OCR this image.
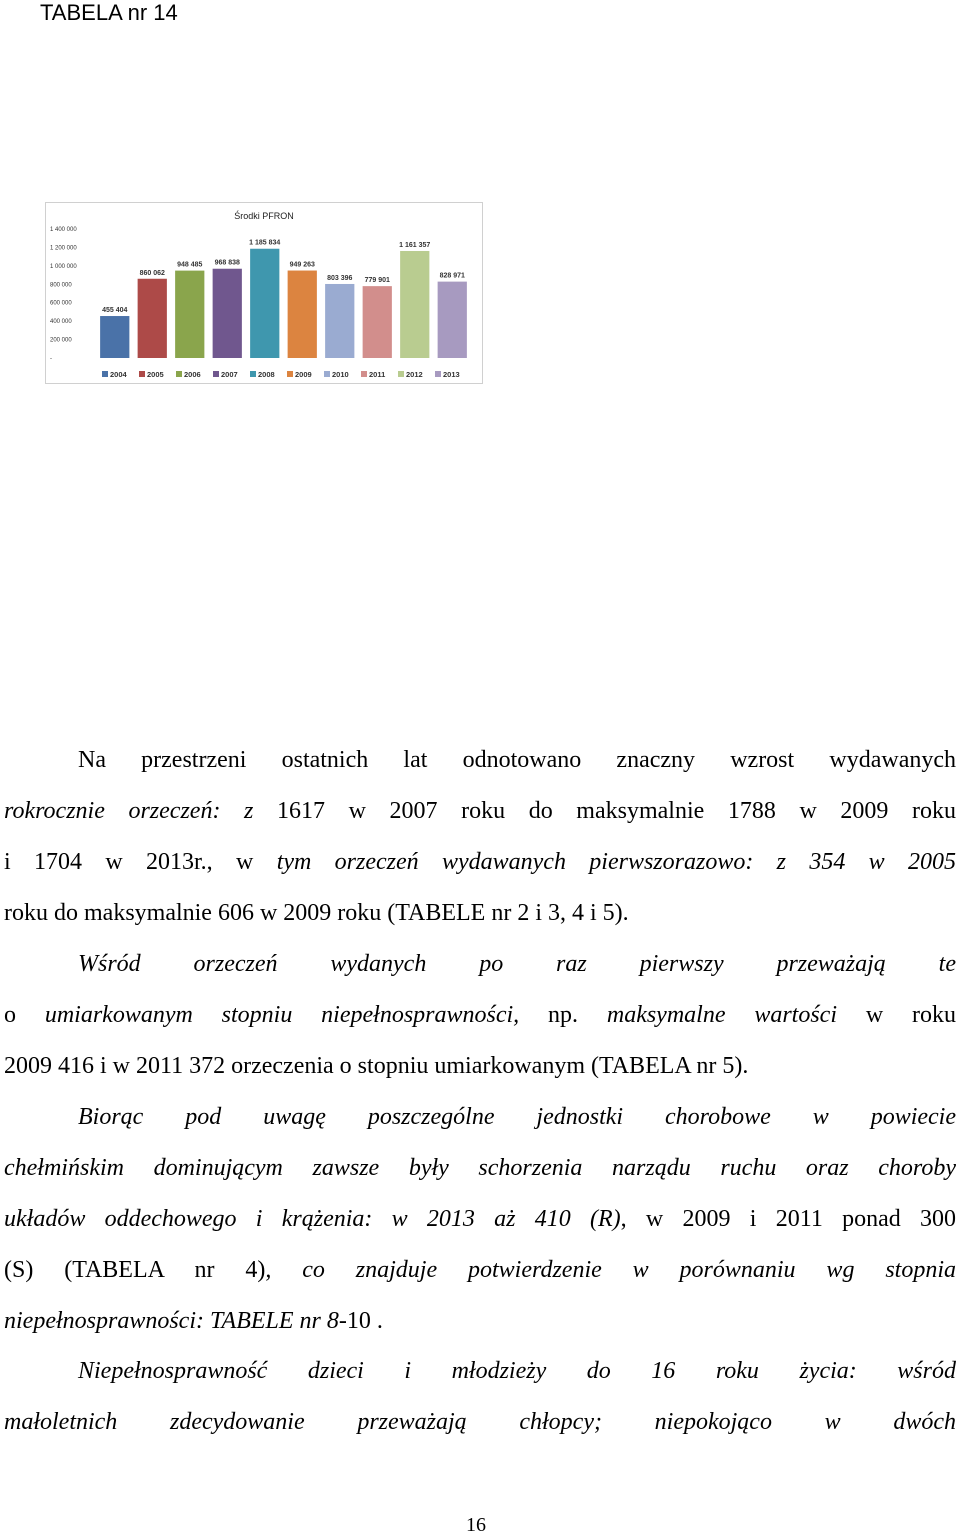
TABELA nr 14
Środki PFRON
-
200 000
400 000
600 000
800 000
1 000 000
1 200 000
1 400 000
455 404
860 062
948 485 968 838
1 185 834
949 263
803 396 779 901
1 161 357
828 971
2004	2005	2006	2007	2008	2009	2010	2011	2012	2013
Na przestrzeni ostatnich lat odnotowano znaczny wzrost wydawanych
rokrocznie orzeczeń: z 1617 w 2007 roku do maksymalnie 1788 w 2009 roku
i 1704 w 2013r., w tym orzeczeń wydawanych pierwszorazowo: z 354 w 2005
roku do maksymalnie 606 w 2009 roku (TABELE nr 2 i 3, 4 i 5).
Wśród orzeczeń wydanych po raz pierwszy przeważają te
o umiarkowanym stopniu niepełnosprawności, np. maksymalne wartości w roku
2009 416 i w 2011 372 orzeczenia o stopniu umiarkowanym (TABELA nr 5).
Biorąc pod uwagę poszczególne jednostki chorobowe w powiecie
chełmińskim dominującym zawsze były schorzenia narządu ruchu oraz choroby
układów oddechowego i krążenia: w 2013 aż 410 (R), w 2009 i 2011 ponad 300
(S) (TABELA nr 4), co znajduje potwierdzenie w porównaniu wg stopnia
niepełnosprawności: TABELE nr 8-10 .
Niepełnosprawność dzieci i młodzieży do 16 roku życia: wśród
małoletnich zdecydowanie przeważają chłopcy; niepokojąco w dwóch
16
